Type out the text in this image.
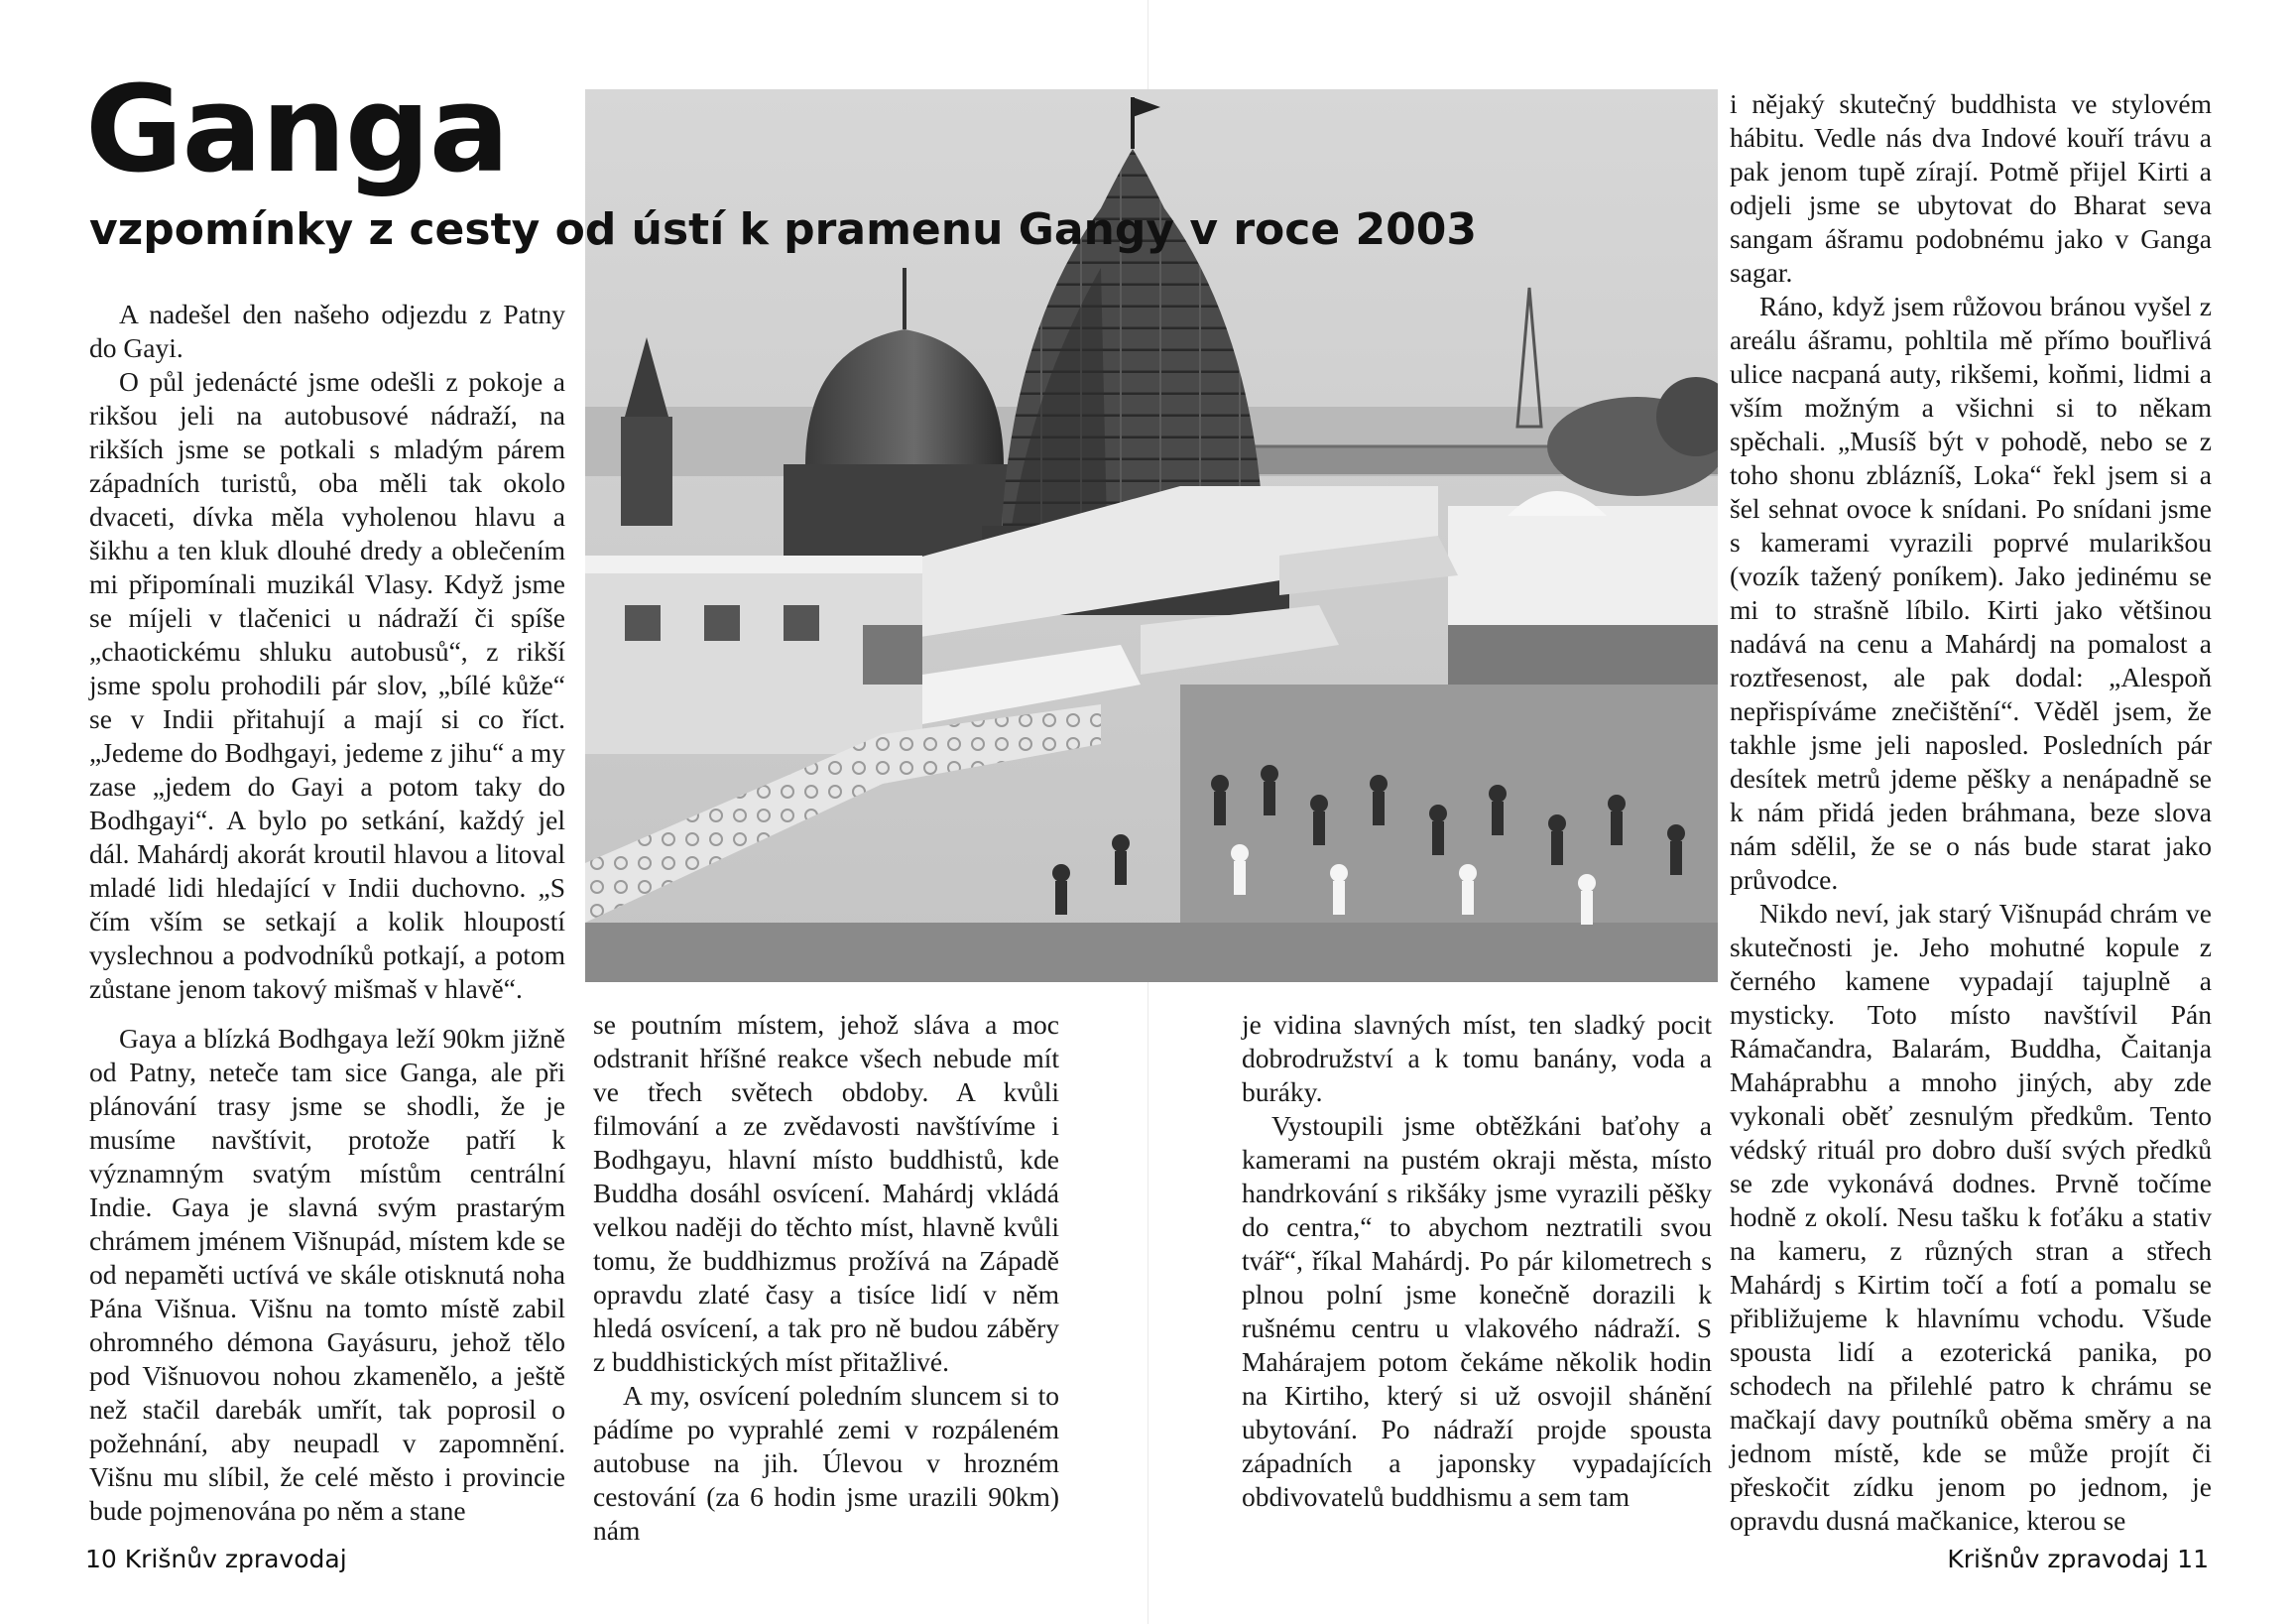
Ganga
vzpomínky z cesty od ústí k pramenu Gangy v roce 2003

A nadešel den našeho odjezdu z Patny do Gayi.

O půl jedenácté jsme odešli z pokoje a rikšou jeli na autobusové nádraží, na rikších jsme se potkali s mladým párem západních turistů, oba měli tak okolo dvaceti, dívka měla vyholenou hlavu a šikhu a ten kluk dlouhé dredy a oblečením mi připomínali muzikál Vlasy. Když jsme se míjeli v tlačenici u nádraží či spíše „chaotickému shluku autobusů“, z rikší jsme spolu prohodili pár slov, „bílé kůže“ se v Indii přitahují a mají si co říct. „Jedeme do Bodhgayi, jedeme z jihu“ a my zase „jedem do Gayi a potom taky do Bodhgayi“. A bylo po setkání, každý jel dál. Mahárdj akorát kroutil hlavou a litoval mladé lidi hledající v Indii duchovno. „S čím vším se setkají a kolik hloupostí vyslechnou a podvodníků potkají, a potom zůstane jenom takový mišmaš v hlavě“.

Gaya a blízká Bodhgaya leží 90km jižně od Patny, neteče tam sice Ganga, ale při plánování trasy jsme se shodli, že je musíme navštívit, protože patří k významným svatým místům centrální Indie. Gaya je slavná svým prastarým chrámem jménem Višnupád, místem kde se od nepaměti uctívá ve skále otisknutá noha Pána Višnua. Višnu na tomto místě zabil ohromného démona Gayásuru, jehož tělo pod Višnuovou nohou zkamenělo, a ještě než stačil darebák umřít, tak poprosil o požehnání, aby neupadl v zapomnění. Višnu mu slíbil, že celé město i provincie bude pojmenována po něm a stane

se poutním místem, jehož sláva a moc odstranit hříšné reakce všech nebude mít ve třech světech obdoby. A kvůli filmování a ze zvědavosti navštívíme i Bodhgayu, hlavní místo buddhistů, kde Buddha dosáhl osvícení. Mahárdj vkládá velkou naději do těchto míst, hlavně kvůli tomu, že buddhizmus prožívá na Západě opravdu zlaté časy a tisíce lidí v něm hledá osvícení, a tak pro ně budou záběry z buddhistických míst přitažlivé.

A my, osvícení poledním sluncem si to pádíme po vyprahlé zemi v rozpáleném autobuse na jih. Úlevou v hrozném cestování (za 6 hodin jsme urazili 90km) nám

je vidina slavných míst, ten sladký pocit dobrodružství a k tomu banány, voda a buráky.

Vystoupili jsme obtěžkáni baťohy a kamerami na pustém okraji města, místo handrkování s rikšáky jsme vyrazili pěšky do centra,“ to abychom neztratili svou tvář“, říkal Mahárdj. Po pár kilometrech s plnou polní jsme konečně dorazili k rušnému centru u vlakového nádraží. S Mahárajem potom čekáme několik hodin na Kirtiho, který si už osvojil shánění ubytování. Po nádraží projde spousta západních a japonsky vypadajících obdivovatelů buddhismu a sem tam

i nějaký skutečný buddhista ve stylovém hábitu. Vedle nás dva Indové kouří trávu a pak jenom tupě zírají. Potmě přijel Kirti a odjeli jsme se ubytovat do Bharat seva sangam ášramu podobnému jako v Ganga sagar.

Ráno, když jsem růžovou bránou vyšel z areálu ášramu, pohltila mě přímo bouřlivá ulice nacpaná auty, rikšemi, koňmi, lidmi a vším možným a všichni si to někam spěchali. „Musíš být v pohodě, nebo se z toho shonu zblázníš, Loka“ řekl jsem si a šel sehnat ovoce k snídani. Po snídani jsme s kamerami vyrazili poprvé mularikšou (vozík tažený poníkem). Jako jedinému se mi to strašně líbilo. Kirti jako většinou nadává na cenu a Mahárdj na pomalost a roztřesenost, ale pak dodal: „Alespoň nepřispíváme znečištění“. Věděl jsem, že takhle jsme jeli naposled. Posledních pár desítek metrů jdeme pěšky a nenápadně se k nám přidá jeden bráhmana, beze slova nám sdělil, že se o nás bude starat jako průvodce.

Nikdo neví, jak starý Višnupád chrám ve skutečnosti je. Jeho mohutné kopule z černého kamene vypadají tajuplně a mysticky. Toto místo navštívil Pán Rámačandra, Balarám, Buddha, Čaitanja Maháprabhu a mnoho jiných, aby zde vykonali oběť zesnulým předkům. Tento védský rituál pro dobro duší svých předků se zde vykonává dodnes. Prvně točíme hodně z okolí. Nesu tašku k foťáku a stativ na kameru, z různých stran a střech Mahárdj s Kirtim točí a fotí a pomalu se přibližujeme k hlavnímu vchodu. Všude spousta lidí a ezoterická panika, po schodech na přilehlé patro k chrámu se mačkají davy poutníků oběma směry a na jednom místě, kde se může projít či přeskočit zídku jenom po jednom, je opravdu dusná mačkanice, kterou se

10 Krišnův zpravodaj	Krišnův zpravodaj 11
